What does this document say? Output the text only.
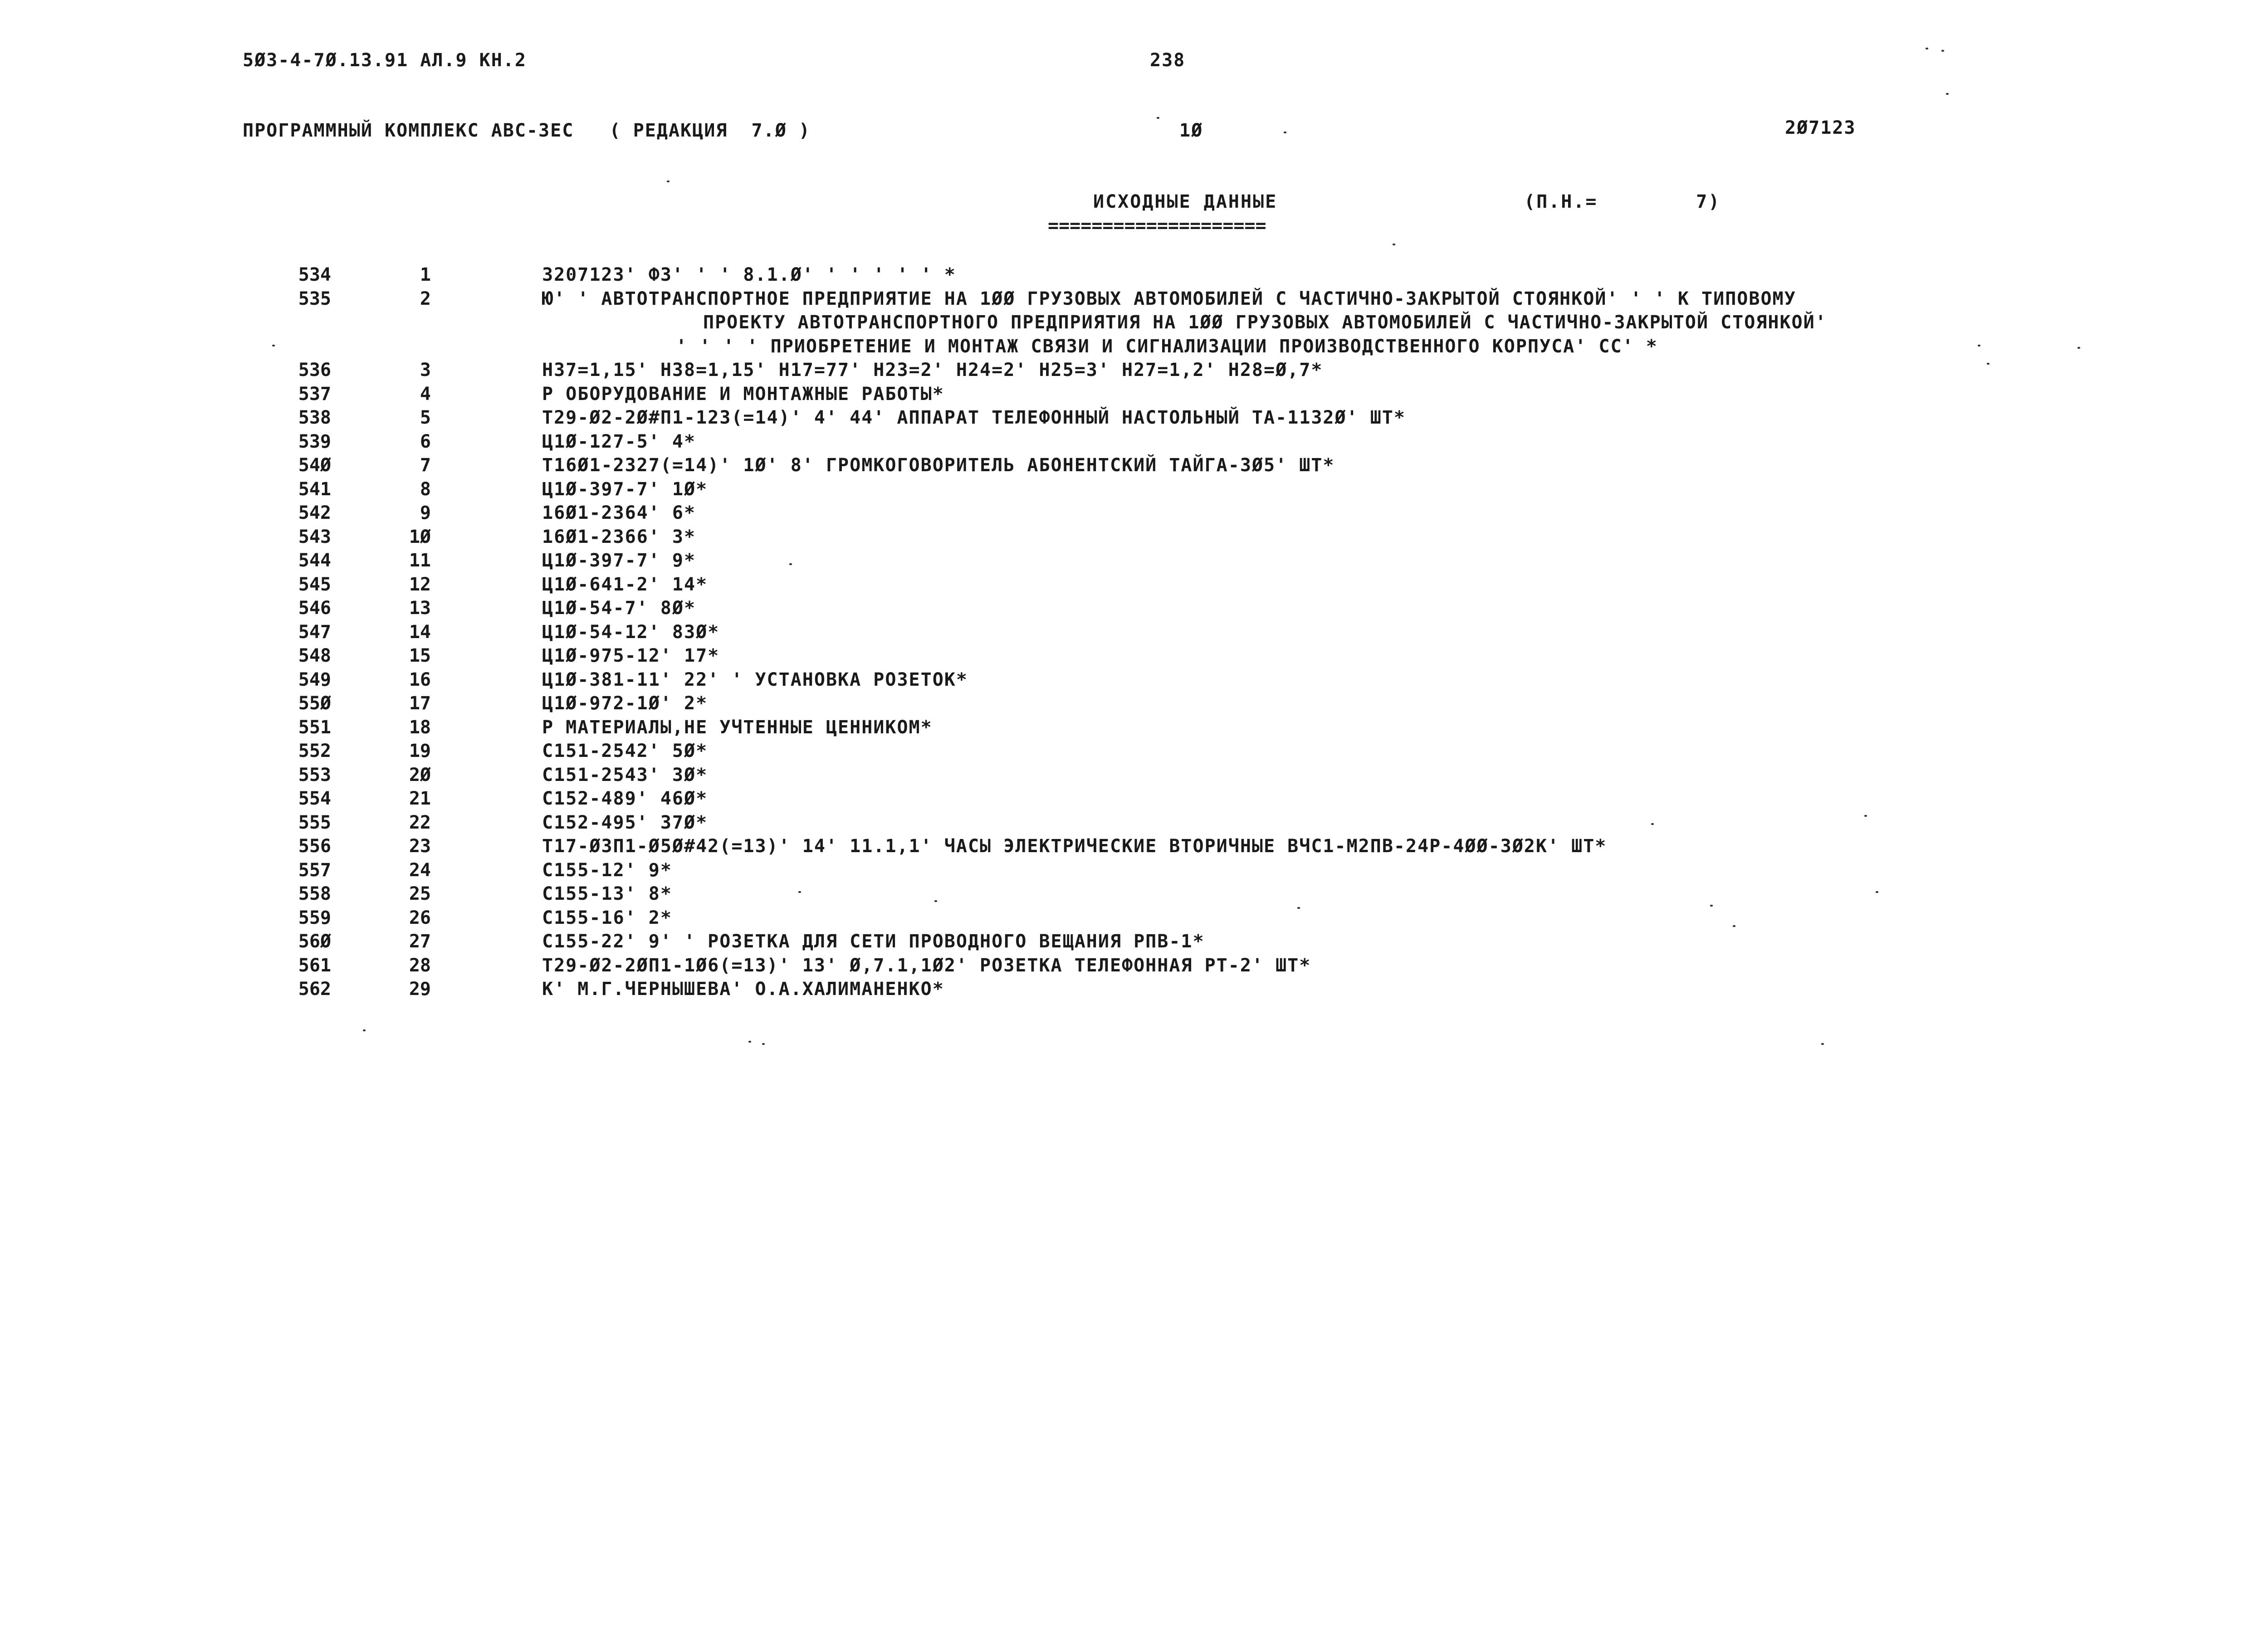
5Ø3-4-7Ø.13.91 АЛ.9 КН.2	238
ПРОГРАММНЫЙ КОМПЛЕКС АВС-3ЕС   ( РЕДАКЦИЯ  7.Ø )	1Ø	2Ø7123
ИСХОДНЫЕ ДАННЫЕ	(П.Н.=        7)
====================
534	1	3207123' Ф3' ' ' 8.1.Ø' ' ' ' ' ' *
535	2	Ю' ' АВТОТРАНСПОРТНОЕ ПРЕДПРИЯТИЕ НА 1ØØ ГРУЗОВЫХ АВТОМОБИЛЕЙ С ЧАСТИЧНО-ЗАКРЫТОЙ СТОЯНКОЙ' ' ' К ТИПОВОМУ
ПРОЕКТУ АВТОТРАНСПОРТНОГО ПРЕДПРИЯТИЯ НА 1ØØ ГРУЗОВЫХ АВТОМОБИЛЕЙ С ЧАСТИЧНО-ЗАКРЫТОЙ СТОЯНКОЙ'
' ' ' ' ПРИОБРЕТЕНИЕ И МОНТАЖ СВЯЗИ И СИГНАЛИЗАЦИИ ПРОИЗВОДСТВЕННОГО КОРПУСА' СС' *
536	3	Н37=1,15' Н38=1,15' Н17=77' Н23=2' Н24=2' Н25=3' Н27=1,2' Н28=Ø,7*
537	4	Р ОБОРУДОВАНИЕ И МОНТАЖНЫЕ РАБОТЫ*
538	5	Т29-Ø2-2Ø#П1-123(=14)' 4' 44' АППАРАТ ТЕЛЕФОННЫЙ НАСТОЛЬНЫЙ ТА-1132Ø' ШТ*
539	6	Ц1Ø-127-5' 4*
54Ø	7	Т16Ø1-2327(=14)' 1Ø' 8' ГРОМКОГОВОРИТЕЛЬ АБОНЕНТСКИЙ ТАЙГА-3Ø5' ШТ*
541	8	Ц1Ø-397-7' 1Ø*
542	9	16Ø1-2364' 6*
543	1Ø	16Ø1-2366' 3*
544	11	Ц1Ø-397-7' 9*
545	12	Ц1Ø-641-2' 14*
546	13	Ц1Ø-54-7' 8Ø*
547	14	Ц1Ø-54-12' 83Ø*
548	15	Ц1Ø-975-12' 17*
549	16	Ц1Ø-381-11' 22' ' УСТАНОВКА РОЗЕТОК*
55Ø	17	Ц1Ø-972-1Ø' 2*
551	18	Р МАТЕРИАЛЫ,НЕ УЧТЕННЫЕ ЦЕННИКОМ*
552	19	С151-2542' 5Ø*
553	2Ø	С151-2543' 3Ø*
554	21	С152-489' 46Ø*
555	22	С152-495' 37Ø*
556	23	Т17-Ø3П1-Ø5Ø#42(=13)' 14' 11.1,1' ЧАСЫ ЭЛЕКТРИЧЕСКИЕ ВТОРИЧНЫЕ ВЧС1-М2ПВ-24Р-4ØØ-3Ø2К' ШТ*
557	24	С155-12' 9*
558	25	С155-13' 8*
559	26	С155-16' 2*
56Ø	27	С155-22' 9' ' РОЗЕТКА ДЛЯ СЕТИ ПРОВОДНОГО ВЕЩАНИЯ РПВ-1*
561	28	Т29-Ø2-2ØП1-1Ø6(=13)' 13' Ø,7.1,1Ø2' РОЗЕТКА ТЕЛЕФОННАЯ РТ-2' ШТ*
562	29	К' М.Г.ЧЕРНЫШЕВА' О.А.ХАЛИМАНЕНКО*
